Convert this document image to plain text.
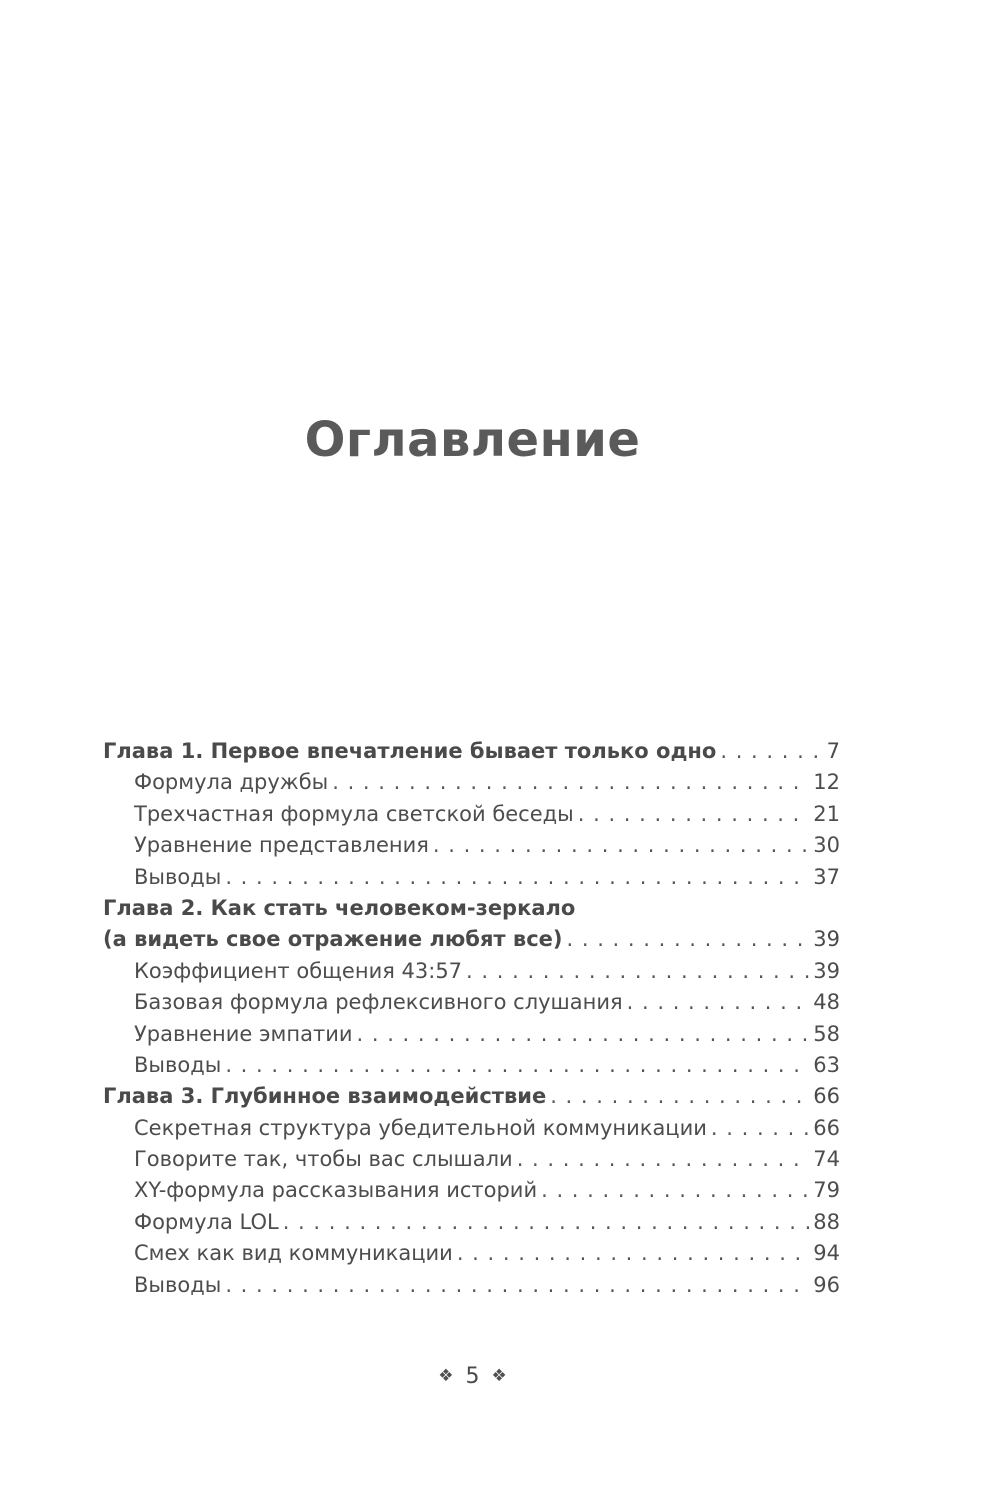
Оглавление
Глава 1. Первое впечатление бывает только одно . . .	7
Формула дружбы . . .	12
Трехчастная формула светской беседы . . .	21
Уравнение представления . . .	30
Выводы . . .	37
Глава 2. Как стать человеком-зеркало
(а видеть свое отражение любят все) . . .	39
Коэффициент общения 43:57 . . .	39
Базовая формула рефлексивного слушания . . .	48
Уравнение эмпатии . . .	58
Выводы . . .	63
Глава 3. Глубинное взаимодействие . . .	66
Секретная структура убедительной коммуникации . . .	66
Говорите так, чтобы вас слышали . . .	74
XY-формула рассказывания историй . . .	79
Формула LOL . . .	88
Смех как вид коммуникации . . .	94
Выводы . . .	96
❖ 5 ❖
